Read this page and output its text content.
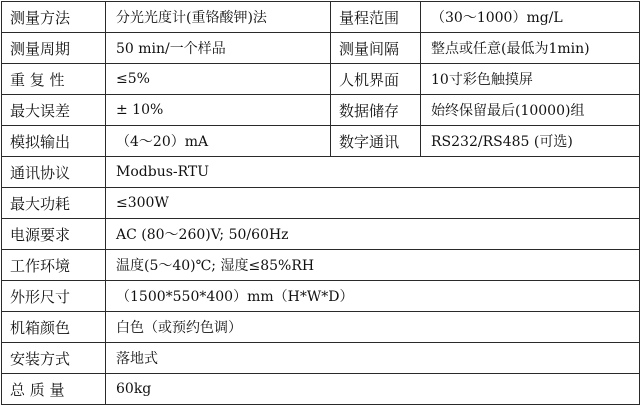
测量方法	分光光度计(重铬酸钾)法	量程范围	（30～1000）mg/L
测量周期	50 min/一个样品	测量间隔	整点或任意(最低为1min)
重 复 性	≤5%	人机界面	10寸彩色触摸屏
最大误差	± 10%	数据储存	始终保留最后(10000)组
模拟输出	（4～20）mA	数字通讯	RS232/RS485 (可选)
通讯协议	Modbus-RTU		
最大功耗	≤300W		
电源要求	AC (80～260)V; 50/60Hz		
工作环境	温度(5～40)℃; 湿度≤85%RH		
外形尺寸	（1500*550*400）mm（H*W*D）		
机箱颜色	白色（或预约色调）		
安装方式	落地式		
总 质 量	60kg		
